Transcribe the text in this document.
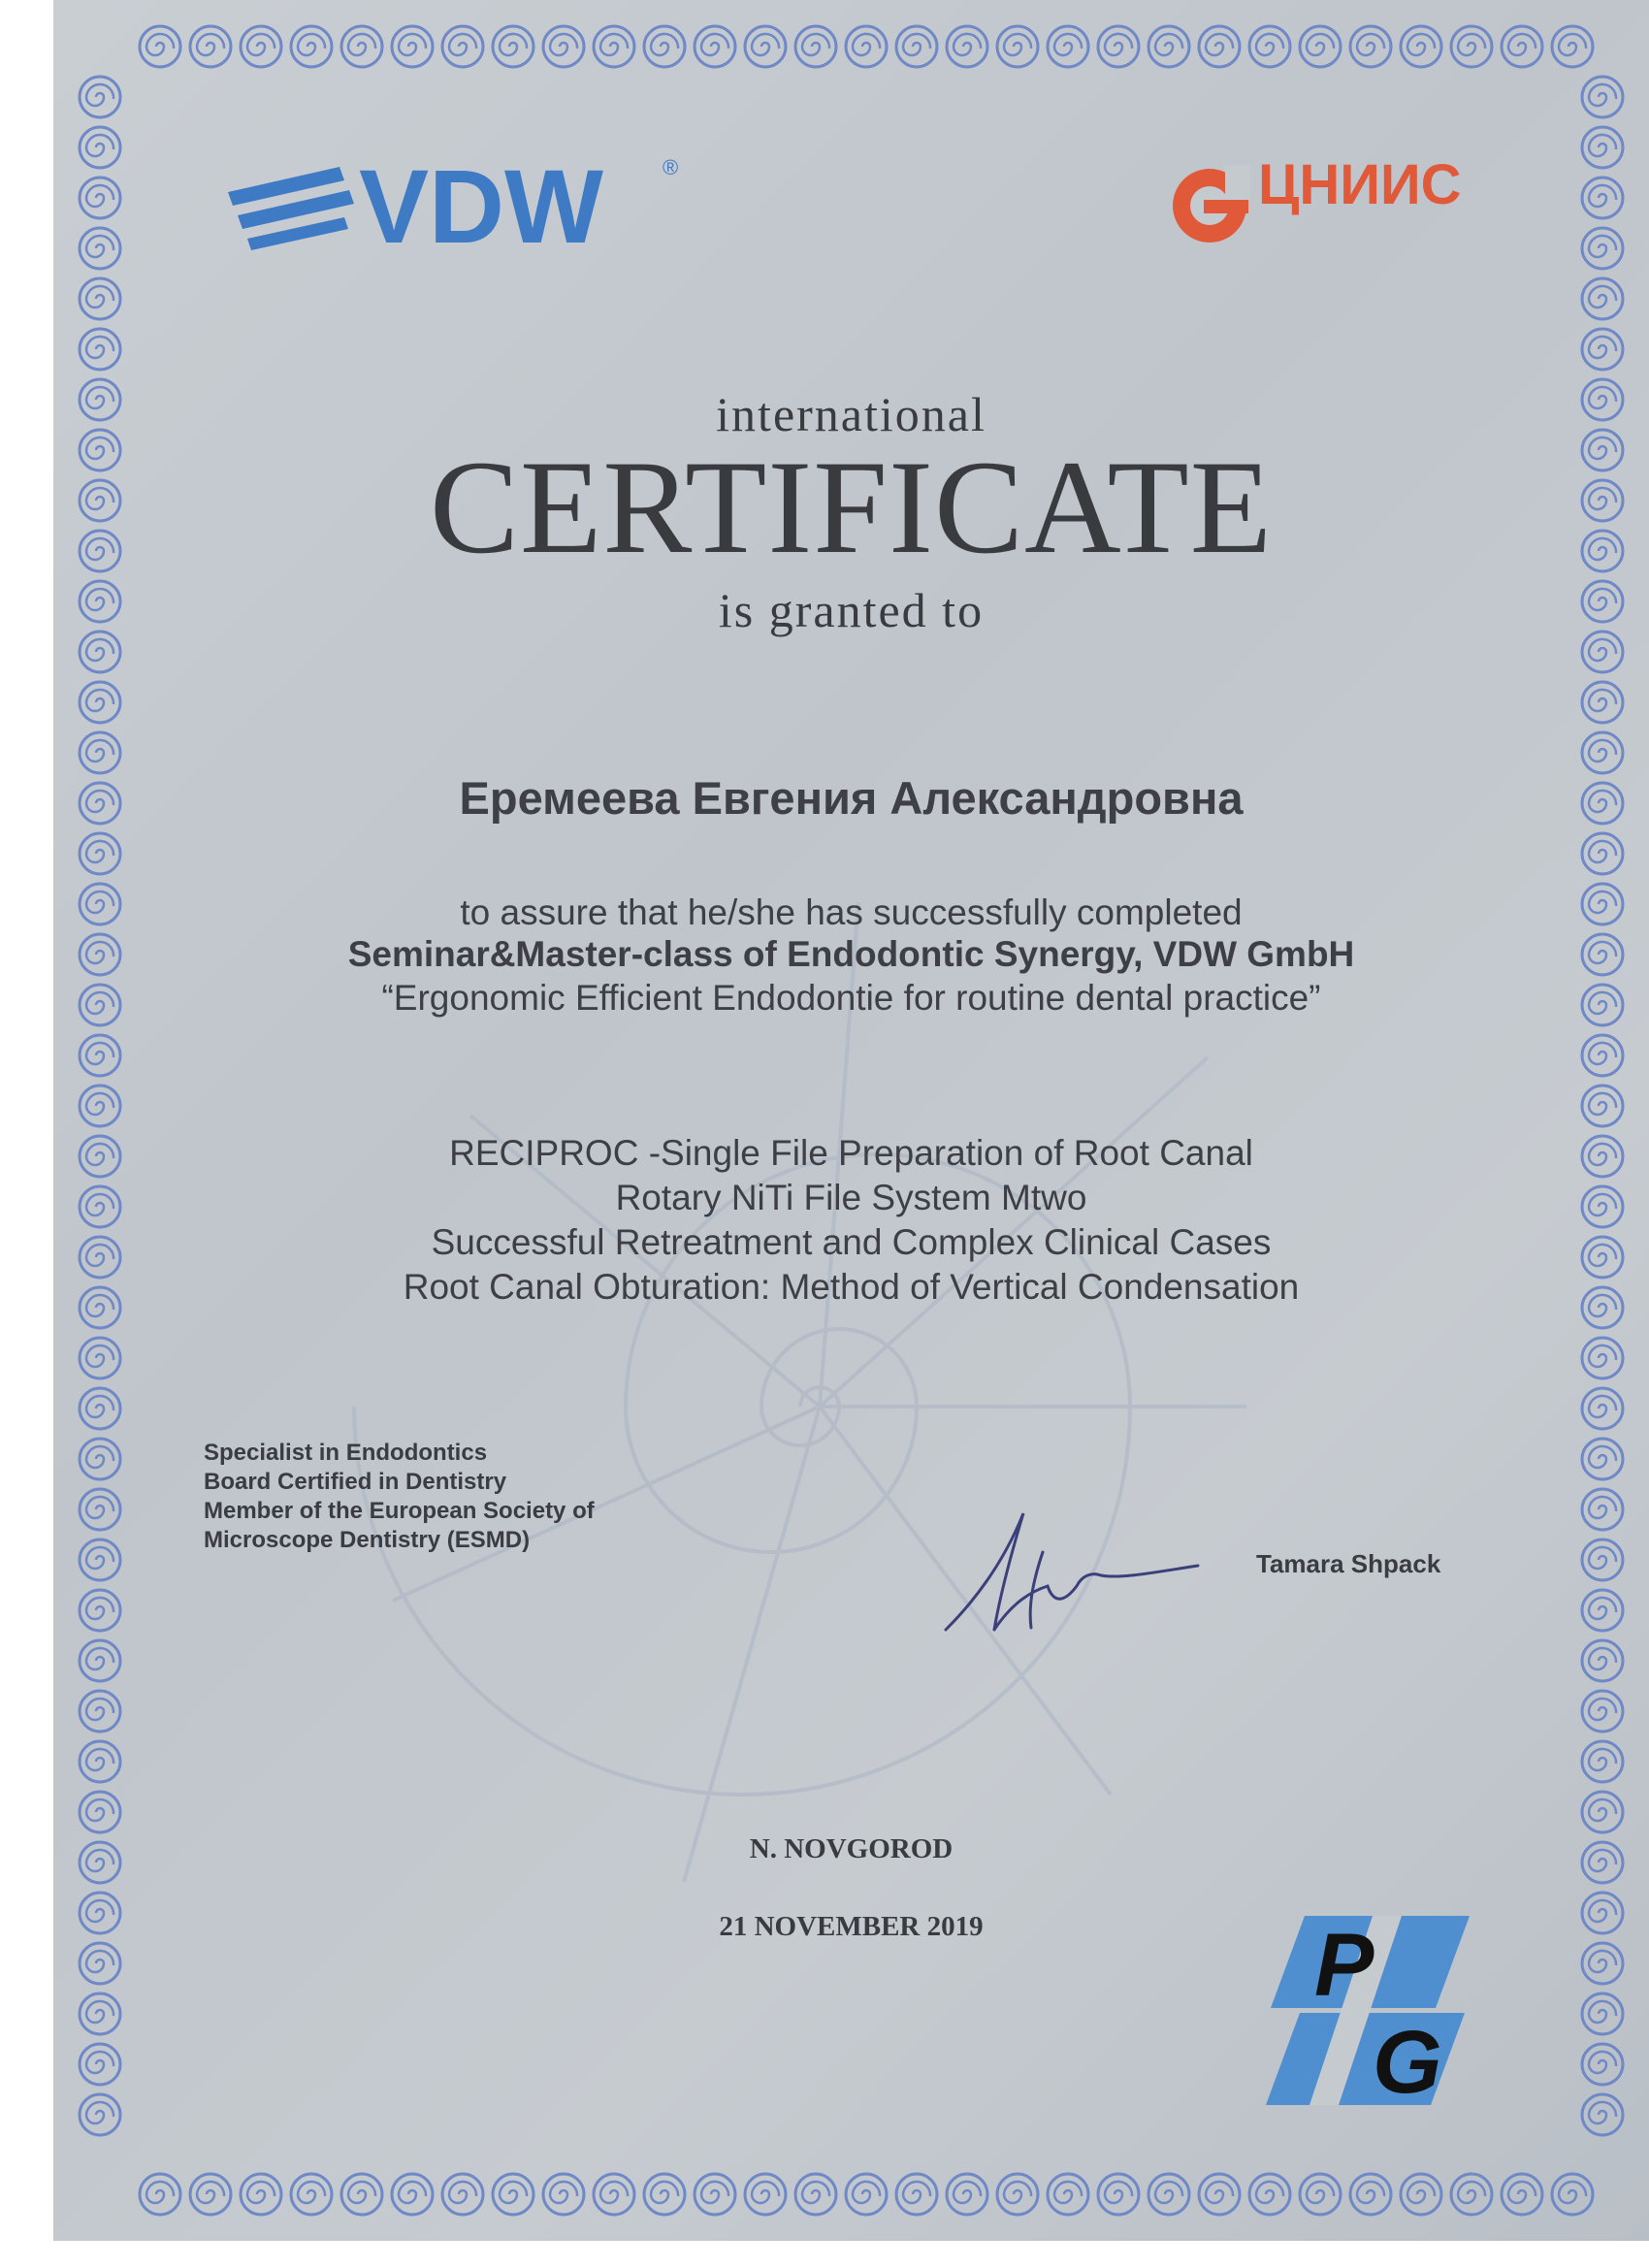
VDW	®	ЦНИИС

international

CERTIFICATE

is granted to

Еремеева Евгения Александровна

to assure that he/she has successfully completed

Seminar&Master-class of Endodontic Synergy, VDW GmbH

“Ergonomic Efficient Endodontie for routine dental practice”

RECIPROC -Single File Preparation of Root Canal

Rotary NiTi File System Mtwo

Successful Retreatment and Complex Clinical Cases

Root Canal Obturation: Method of Vertical Condensation

Specialist in Endodontics

Board Certified in Dentistry

Member of the European Society of

Microscope Dentistry (ESMD)

Tamara Shpack

N. NOVGOROD

21 NOVEMBER 2019	P
G
